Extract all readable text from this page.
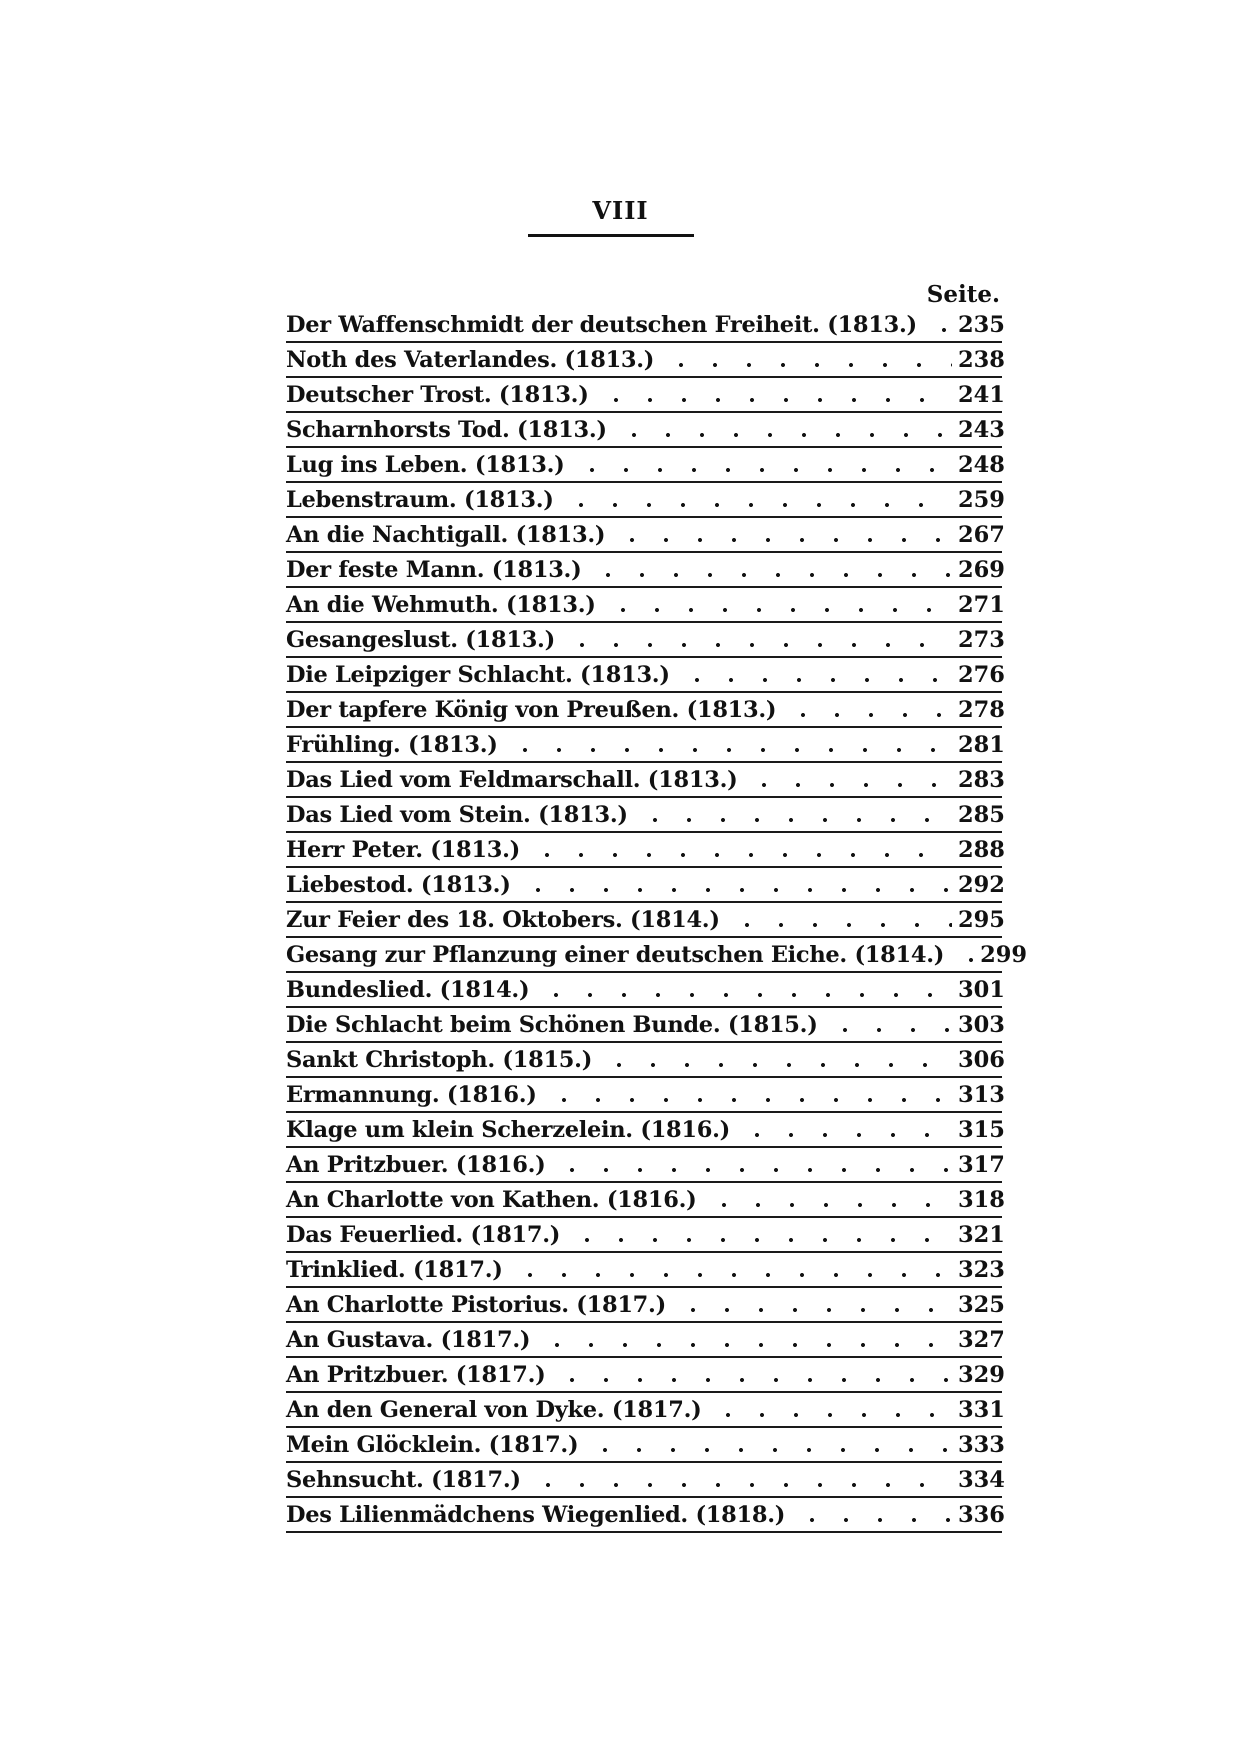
VIII
Seite.
Der Waffenschmidt der deutschen Freiheit. (1813.) 235
Noth des Vaterlandes. (1813.)	238
Deutscher Trost. (1813.)	241
Scharnhorsts Tod. (1813.)	243
Lug ins Leben. (1813.)	248
Lebenstraum. (1813.)	259
An die Nachtigall. (1813.)	267
Der feste Mann. (1813.)	269
An die Wehmuth. (1813.)	271
Gesangeslust. (1813.)	273
Die Leipziger Schlacht. (1813.)	276
Der tapfere König von Preußen. (1813.)	278
Frühling. (1813.)	281
Das Lied vom Feldmarschall. (1813.)	283
Das Lied vom Stein. (1813.)	285
Herr Peter. (1813.)	288
Liebestod. (1813.)	292
Zur Feier des 18. Oktobers. (1814.)	295
Gesang zur Pflanzung einer deutschen Eiche. (1814.) 299
Bundeslied. (1814.)	301
Die Schlacht beim Schönen Bunde. (1815.)	303
Sankt Christoph. (1815.)	306
Ermannung. (1816.)	313
Klage um klein Scherzelein. (1816.)	315
An Pritzbuer. (1816.)	317
An Charlotte von Kathen. (1816.)	318
Das Feuerlied. (1817.)	321
Trinklied. (1817.)	323
An Charlotte Pistorius. (1817.)	325
An Gustava. (1817.)	327
An Pritzbuer. (1817.)	329
An den General von Dyke. (1817.)	331
Mein Glöcklein. (1817.)	333
Sehnsucht. (1817.)	334
Des Lilienmädchens Wiegenlied. (1818.)	336
